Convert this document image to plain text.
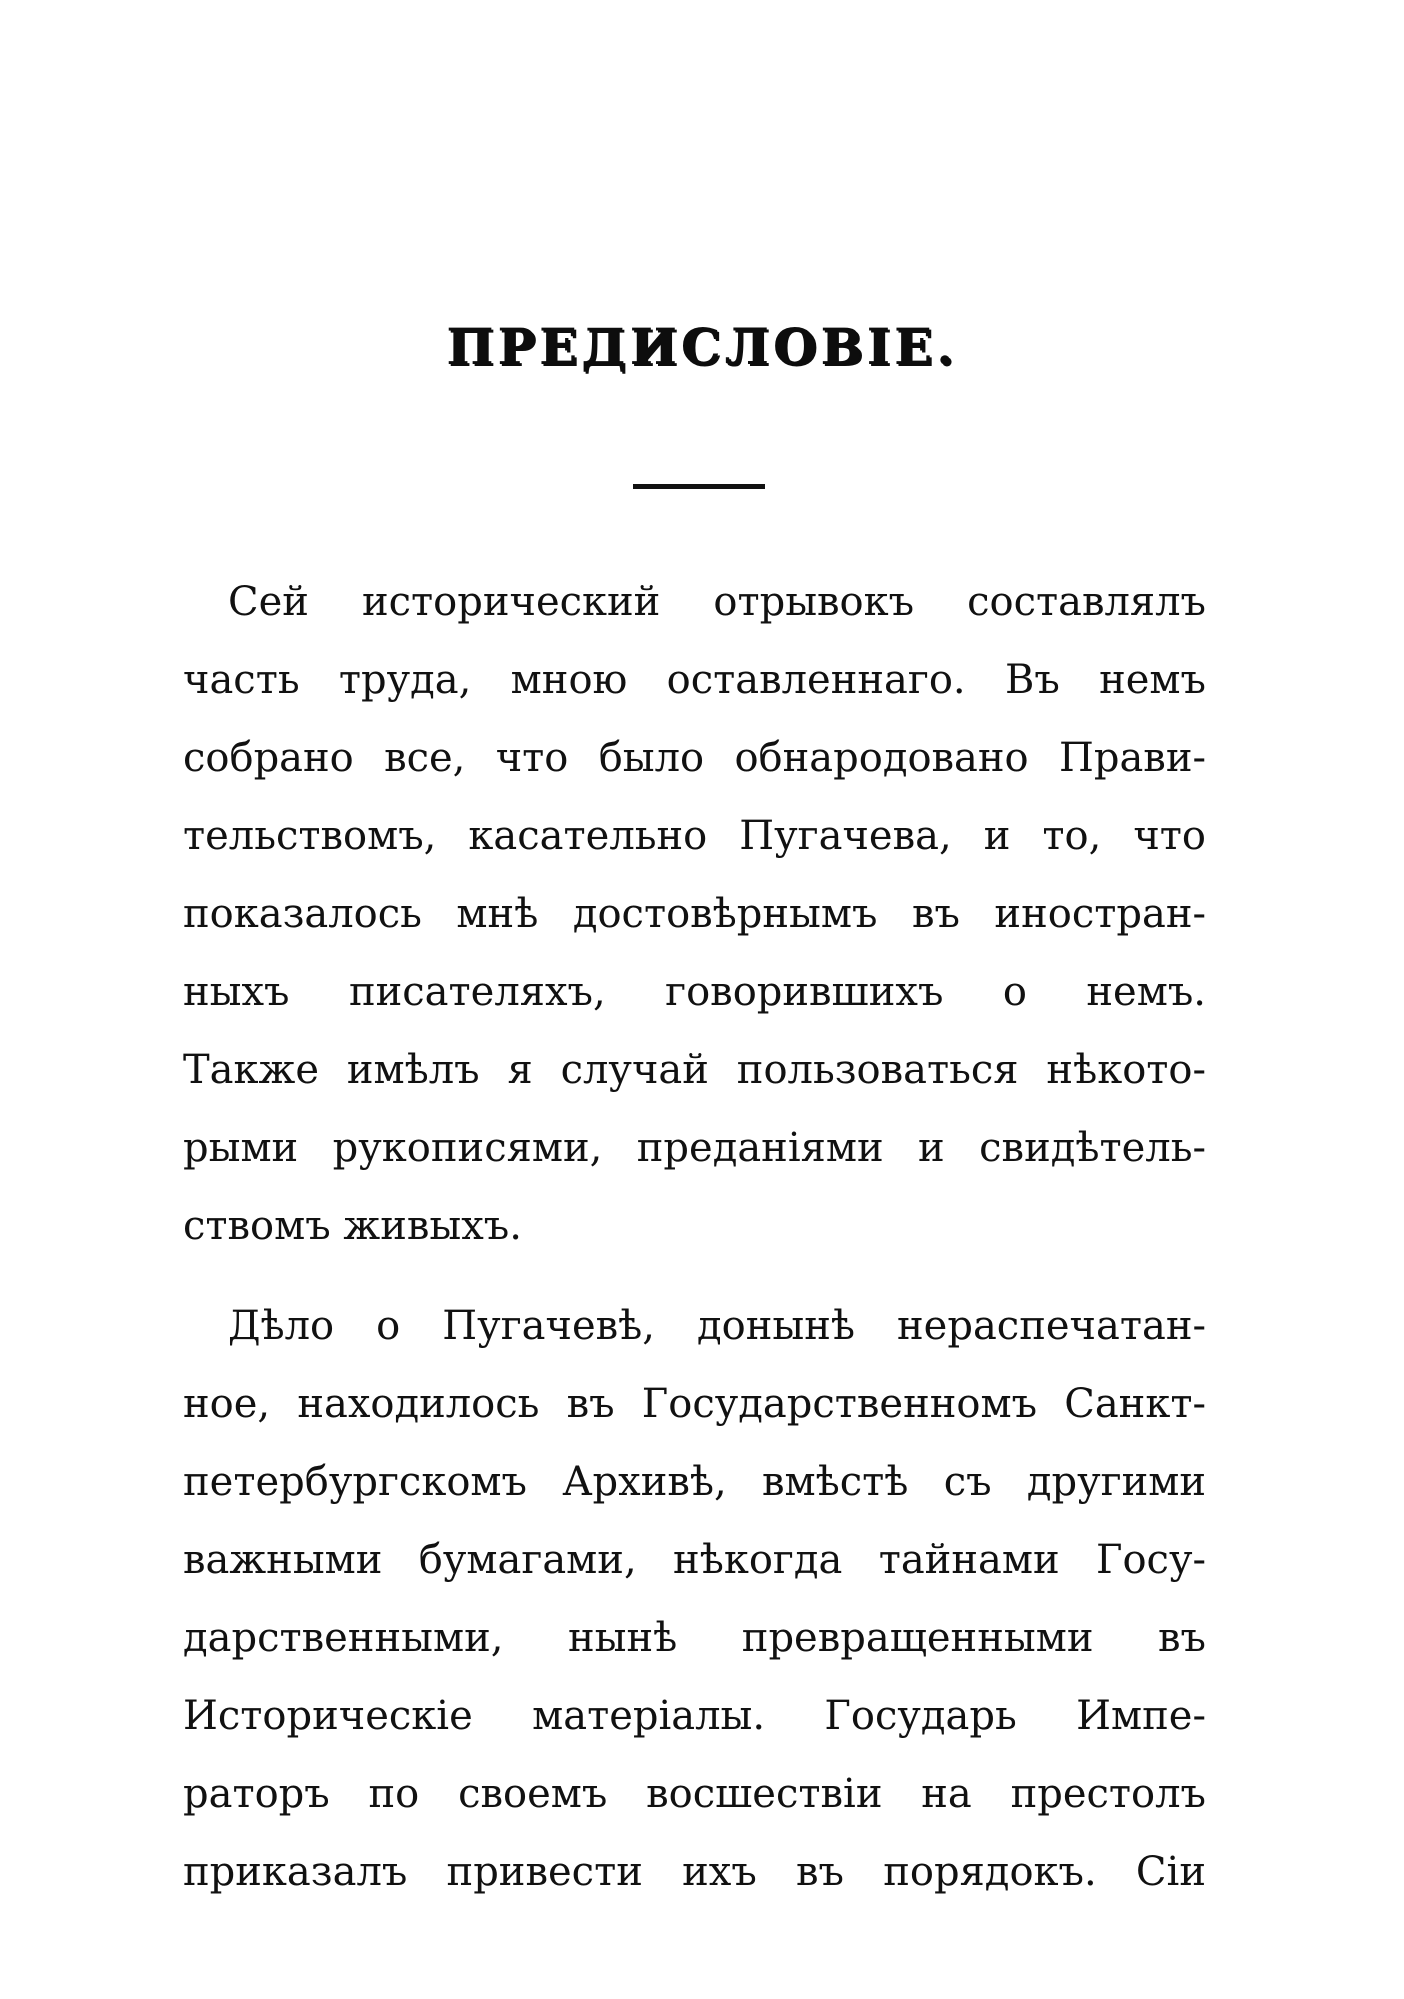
ПРЕДИСЛОВІЕ.
Сей исторический отрывокъ составлялъ
часть труда, мною оставленнаго. Въ немъ
собрано все, что было обнародовано Прави-
тельствомъ, касательно Пугачева, и то, что
показалось мнѣ достовѣрнымъ въ иностран-
ныхъ писателяхъ, говорившихъ о немъ.
Также имѣлъ я случай пользоваться нѣкото-
рыми рукописями, преданіями и свидѣтель-
ствомъ живыхъ.
Дѣло о Пугачевѣ, донынѣ нераспечатан-
ное, находилось въ Государственномъ Санкт-
петербургскомъ Архивѣ, вмѣстѣ съ другими
важными бумагами, нѣкогда тайнами Госу-
дарственными, нынѣ превращенными въ
Историческіе матеріалы. Государь Импе-
раторъ по своемъ восшествіи на престолъ
приказалъ привести ихъ въ порядокъ. Сіи
